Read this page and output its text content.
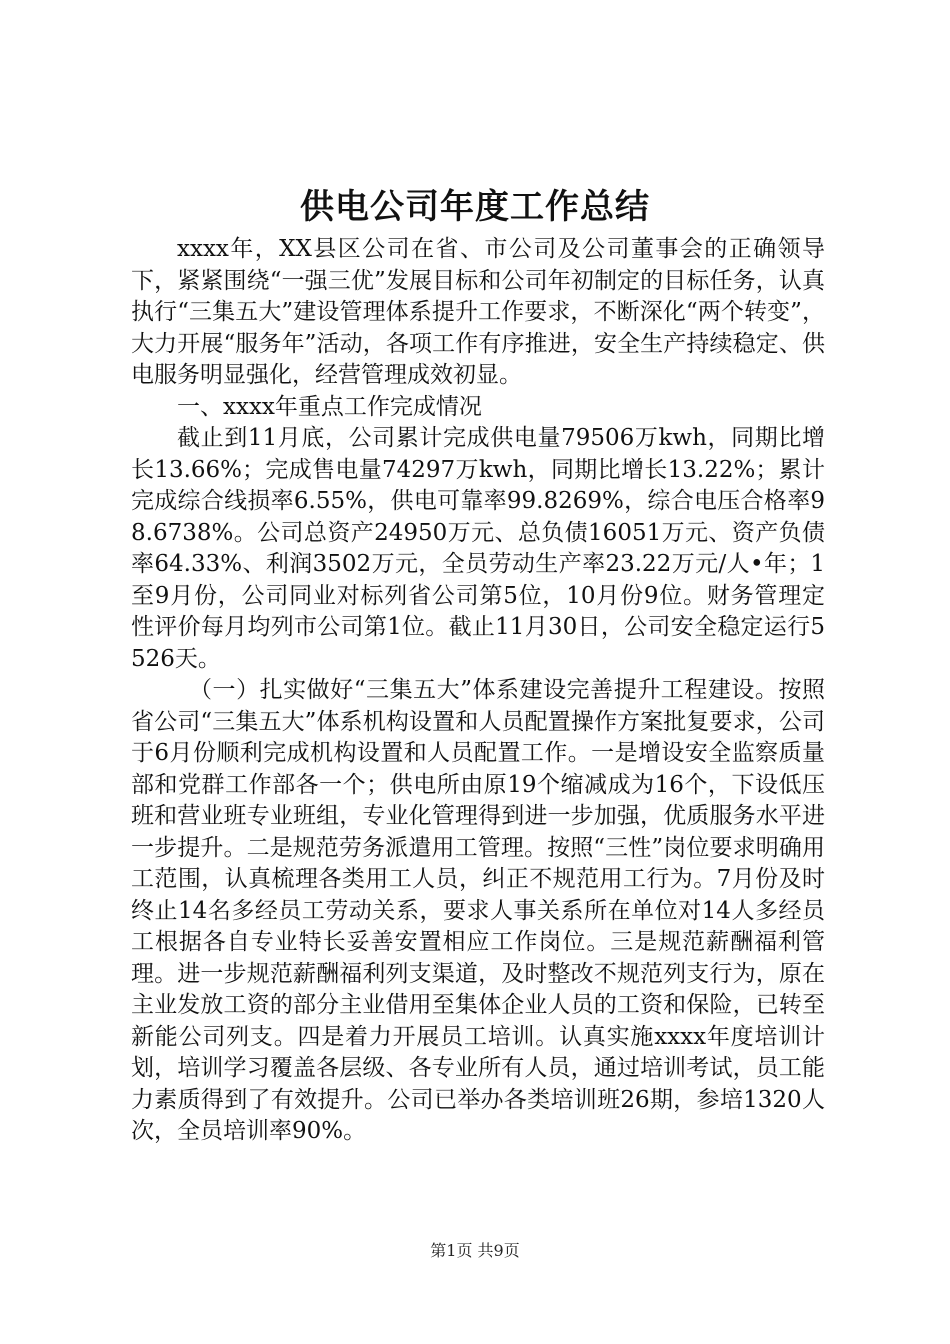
供电公司年度工作总结

xxxx年，XX县区公司在省、市公司及公司董事会的正确领导下，紧紧围绕“一强三优”发展目标和公司年初制定的目标任务，认真执行“三集五大”建设管理体系提升工作要求，不断深化“两个转变”，大力开展“服务年”活动，各项工作有序推进，安全生产持续稳定、供电服务明显强化，经营管理成效初显。

一、xxxx年重点工作完成情况

截止到11月底，公司累计完成供电量79506万kwh，同期比增长13.66%；完成售电量74297万kwh，同期比增长13.22%；累计完成综合线损率6.55%，供电可靠率99.8269%，综合电压合格率98.6738%。公司总资产24950万元、总负债16051万元、资产负债率64.33%、利润3502万元，全员劳动生产率23.22万元/人•年；1至9月份，公司同业对标列省公司第5位，10月份9位。财务管理定性评价每月均列市公司第1位。截止11月30日，公司安全稳定运行5526天。

（一）扎实做好“三集五大”体系建设完善提升工程建设。按照省公司“三集五大”体系机构设置和人员配置操作方案批复要求，公司于6月份顺利完成机构设置和人员配置工作。一是增设安全监察质量部和党群工作部各一个；供电所由原19个缩减成为16个，下设低压班和营业班专业班组，专业化管理得到进一步加强，优质服务水平进一步提升。二是规范劳务派遣用工管理。按照“三性”岗位要求明确用工范围，认真梳理各类用工人员，纠正不规范用工行为。7月份及时终止14名多经员工劳动关系，要求人事关系所在单位对14人多经员工根据各自专业特长妥善安置相应工作岗位。三是规范薪酬福利管理。进一步规范薪酬福利列支渠道，及时整改不规范列支行为，原在主业发放工资的部分主业借用至集体企业人员的工资和保险，已转至新能公司列支。四是着力开展员工培训。认真实施xxxx年度培训计划，培训学习覆盖各层级、各专业所有人员，通过培训考试，员工能力素质得到了有效提升。公司已举办各类培训班26期，参培1320人次，全员培训率90%。

第1页 共9页
